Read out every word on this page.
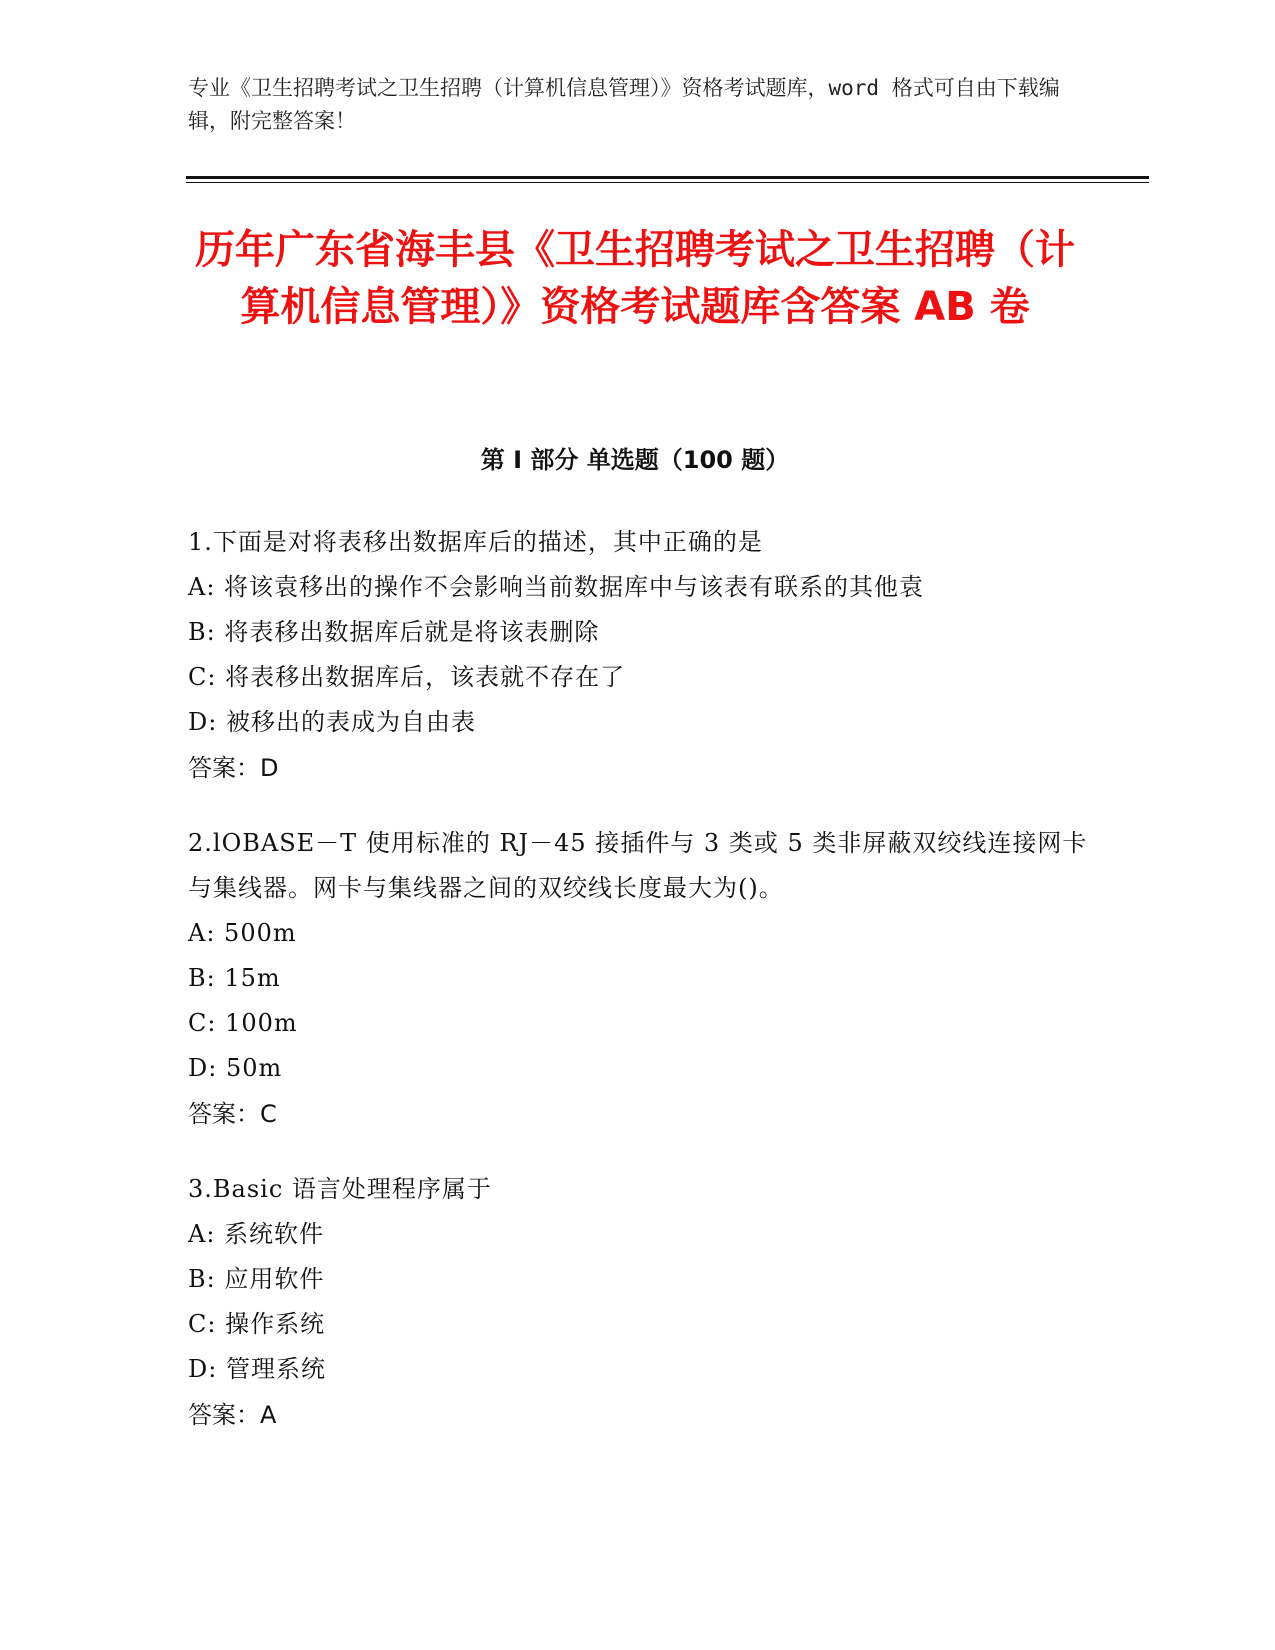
专业《卫生招聘考试之卫生招聘（计算机信息管理）》资格考试题库，word 格式可自由下载编辑，附完整答案！
历年广东省海丰县《卫生招聘考试之卫生招聘（计算机信息管理）》资格考试题库含答案 AB 卷
第 I 部分 单选题（100 题）
1.下面是对将表移出数据库后的描述，其中正确的是
A: 将该袁移出的操作不会影响当前数据库中与该表有联系的其他袁
B: 将表移出数据库后就是将该表删除
C: 将表移出数据库后，该表就不存在了
D: 被移出的表成为自由表
答案：D
2.lOBASE－T 使用标准的 RJ－45 接插件与 3 类或 5 类非屏蔽双绞线连接网卡与集线器。网卡与集线器之间的双绞线长度最大为()。
A: 500m
B: 15m
C: 100m
D: 50m
答案：C
3.Basic 语言处理程序属于
A: 系统软件
B: 应用软件
C: 操作系统
D: 管理系统
答案：A
